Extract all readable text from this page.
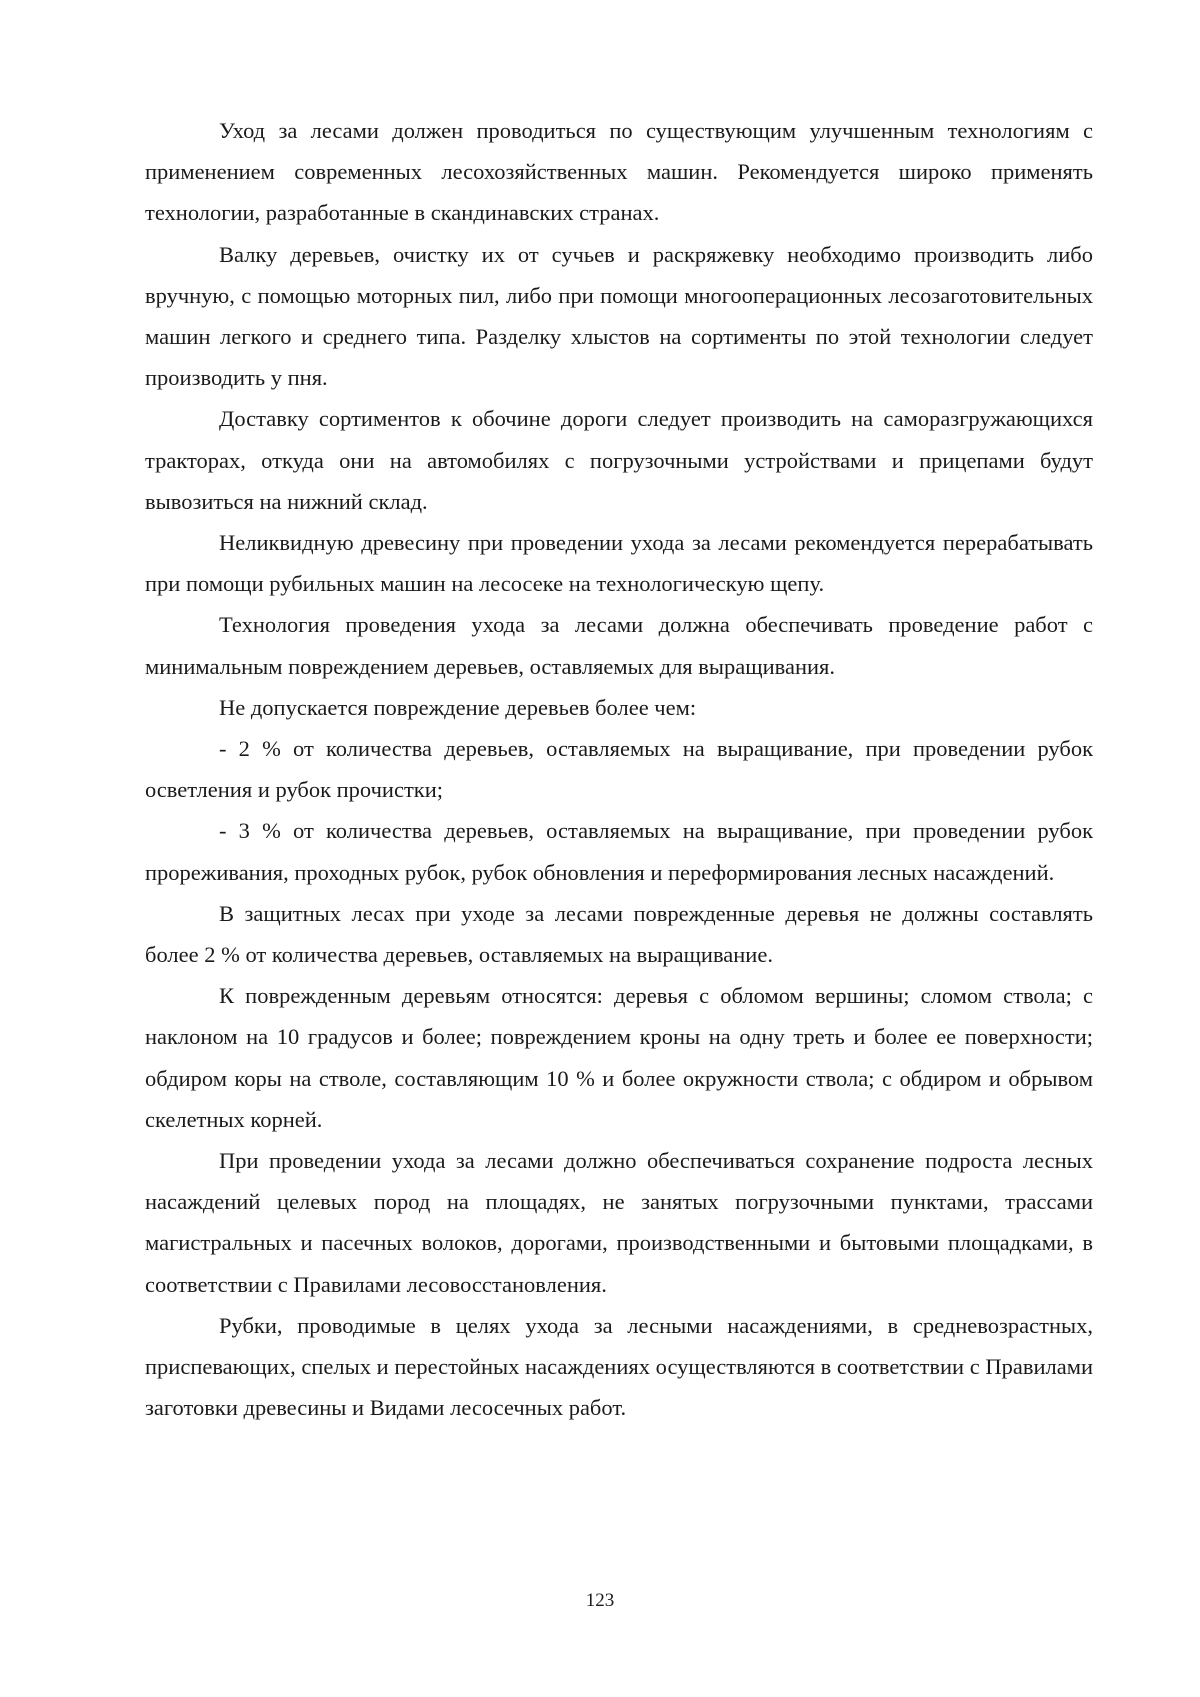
Уход за лесами должен проводиться по существующим улучшенным технологиям с применением современных лесохозяйственных машин. Рекомендуется широко применять технологии, разработанные в скандинавских странах.

Валку деревьев, очистку их от сучьев и раскряжевку необходимо производить либо вручную, с помощью моторных пил, либо при помощи многооперационных лесозаготовительных машин легкого и среднего типа. Разделку хлыстов на сортименты по этой технологии следует производить у пня.

Доставку сортиментов к обочине дороги следует производить на саморазгружающихся тракторах, откуда они на автомобилях с погрузочными устройствами и прицепами будут вывозиться на нижний склад.

Неликвидную древесину при проведении ухода за лесами рекомендуется перерабатывать при помощи рубильных машин на лесосеке на технологическую щепу.

Технология проведения ухода за лесами должна обеспечивать проведение работ с минимальным повреждением деревьев, оставляемых для выращивания.

Не допускается повреждение деревьев более чем:

- 2 % от количества деревьев, оставляемых на выращивание, при проведении рубок осветления и рубок прочистки;

- 3 % от количества деревьев, оставляемых на выращивание, при проведении рубок прореживания, проходных рубок, рубок обновления и переформирования лесных насаждений.

В защитных лесах при уходе за лесами поврежденные деревья не должны составлять более 2 % от количества деревьев, оставляемых на выращивание.

К поврежденным деревьям относятся: деревья с обломом вершины; сломом ствола; с наклоном на 10 градусов и более; повреждением кроны на одну треть и более ее поверхности; обдиром коры на стволе, составляющим 10 % и более окружности ствола; с обдиром и обрывом скелетных корней.

При проведении ухода за лесами должно обеспечиваться сохранение подроста лесных насаждений целевых пород на площадях, не занятых погрузочными пунктами, трассами магистральных и пасечных волоков, дорогами, производственными и бытовыми площадками, в соответствии с Правилами лесовосстановления.

Рубки, проводимые в целях ухода за лесными насаждениями, в средневозрастных, приспевающих, спелых и перестойных насаждениях осуществляются в соответствии с Правилами заготовки древесины и Видами лесосечных работ.

123
